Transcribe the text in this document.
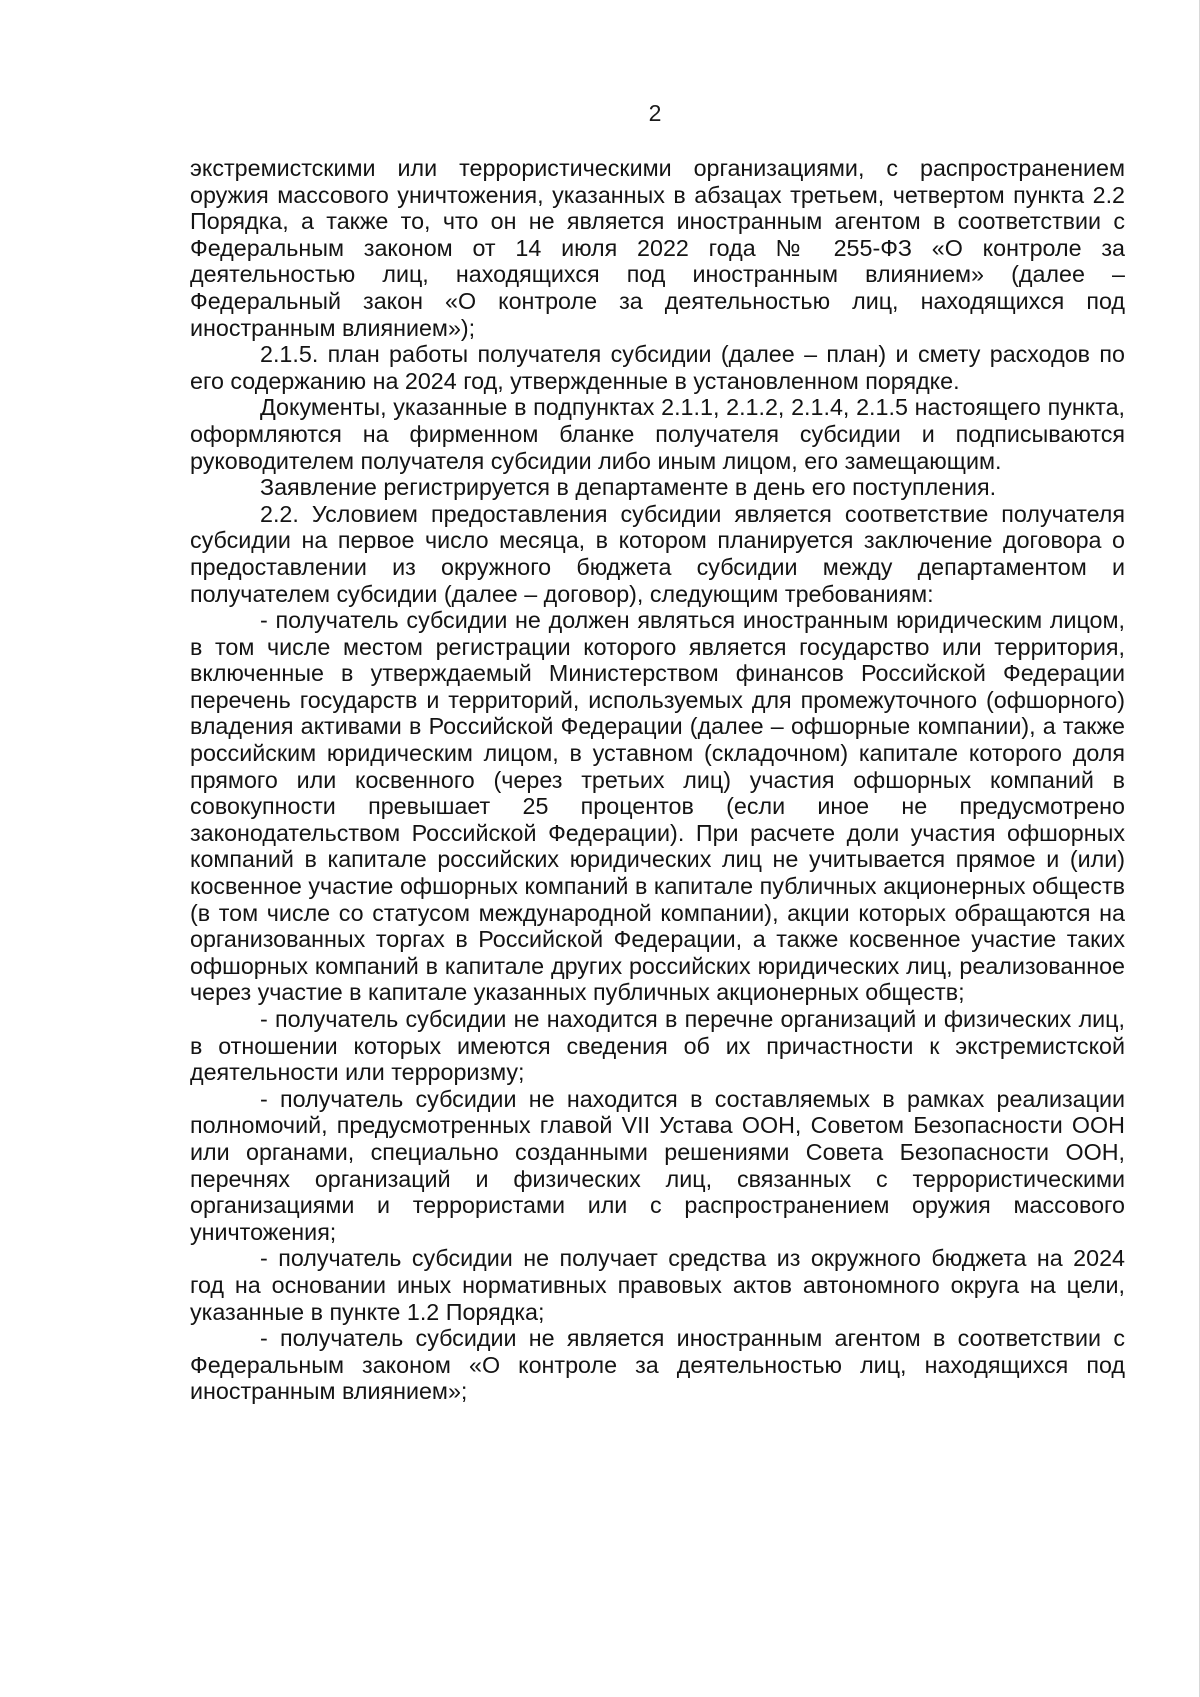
2

экстремистскими или террористическими организациями, с распространением оружия массового уничтожения, указанных в абзацах третьем, четвертом пункта 2.2 Порядка, а также то, что он не является иностранным агентом в соответствии с Федеральным законом от 14 июля 2022 года № 255-ФЗ «О контроле за деятельностью лиц, находящихся под иностранным влиянием» (далее – Федеральный закон «О контроле за деятельностью лиц, находящихся под иностранным влиянием»);

2.1.5. план работы получателя субсидии (далее – план) и смету расходов по его содержанию на 2024 год, утвержденные в установленном порядке.

Документы, указанные в подпунктах 2.1.1, 2.1.2, 2.1.4, 2.1.5 настоящего пункта, оформляются на фирменном бланке получателя субсидии и подписываются руководителем получателя субсидии либо иным лицом, его замещающим.

Заявление регистрируется в департаменте в день его поступления.

2.2. Условием предоставления субсидии является соответствие получателя субсидии на первое число месяца, в котором планируется заключение договора о предоставлении из окружного бюджета субсидии между департаментом и получателем субсидии (далее – договор), следующим требованиям:

- получатель субсидии не должен являться иностранным юридическим лицом, в том числе местом регистрации которого является государство или территория, включенные в утверждаемый Министерством финансов Российской Федерации перечень государств и территорий, используемых для промежуточного (офшорного) владения активами в Российской Федерации (далее – офшорные компании), а также российским юридическим лицом, в уставном (складочном) капитале которого доля прямого или косвенного (через третьих лиц) участия офшорных компаний в совокупности превышает 25 процентов (если иное не предусмотрено законодательством Российской Федерации). При расчете доли участия офшорных компаний в капитале российских юридических лиц не учитывается прямое и (или) косвенное участие офшорных компаний в капитале публичных акционерных обществ (в том числе со статусом международной компании), акции которых обращаются на организованных торгах в Российской Федерации, а также косвенное участие таких офшорных компаний в капитале других российских юридических лиц, реализованное через участие в капитале указанных публичных акционерных обществ;

- получатель субсидии не находится в перечне организаций и физических лиц, в отношении которых имеются сведения об их причастности к экстремистской деятельности или терроризму;

- получатель субсидии не находится в составляемых в рамках реализации полномочий, предусмотренных главой VII Устава ООН, Советом Безопасности ООН или органами, специально созданными решениями Совета Безопасности ООН, перечнях организаций и физических лиц, связанных с террористическими организациями и террористами или с распространением оружия массового уничтожения;

- получатель субсидии не получает средства из окружного бюджета на 2024 год на основании иных нормативных правовых актов автономного округа на цели, указанные в пункте 1.2 Порядка;

- получатель субсидии не является иностранным агентом в соответствии с Федеральным законом «О контроле за деятельностью лиц, находящихся под иностранным влиянием»;
